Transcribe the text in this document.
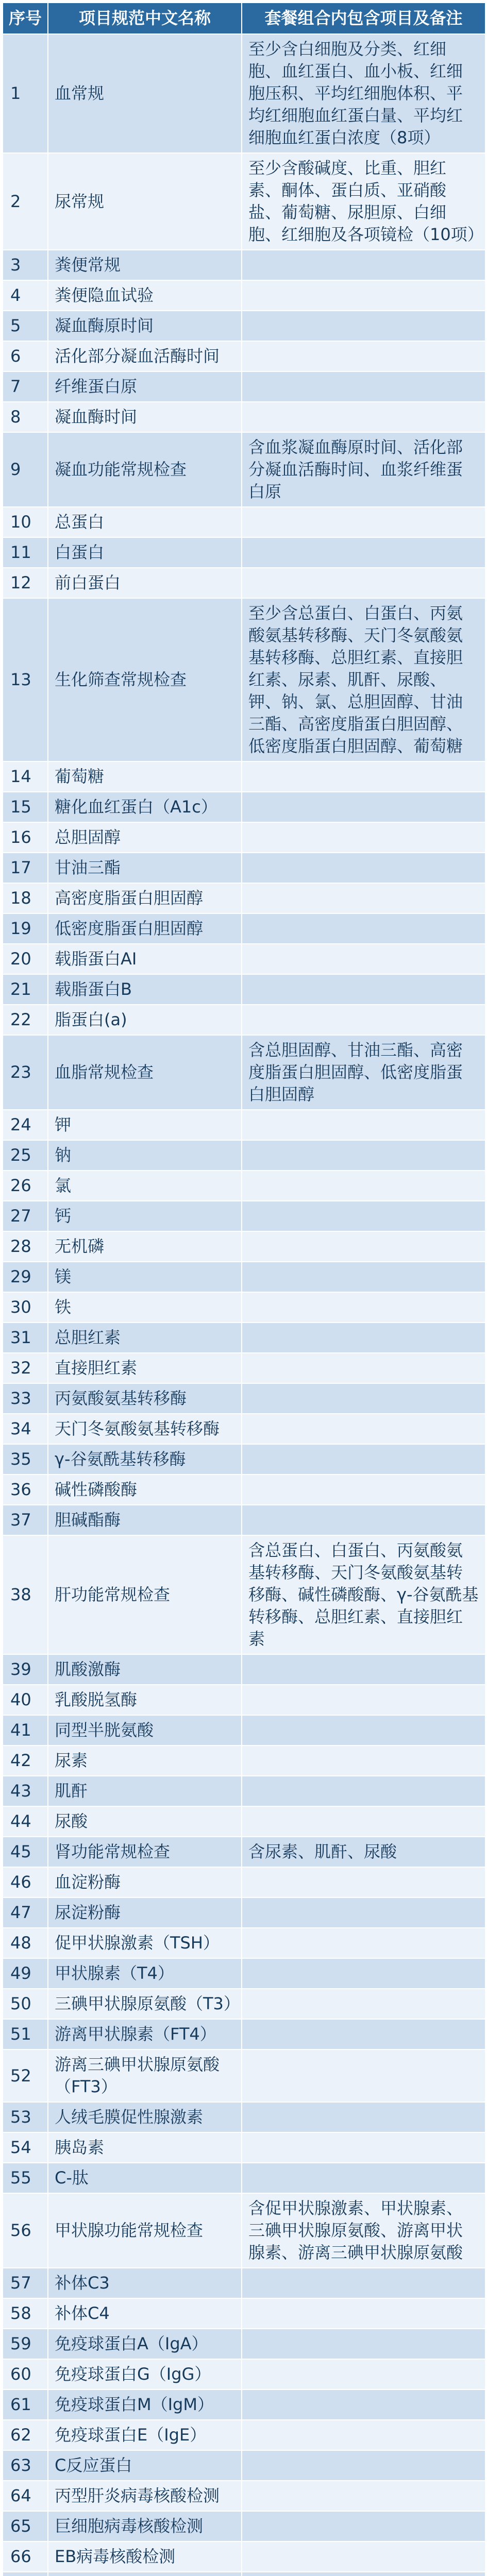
序号	项目规范中文名称	套餐组合内包含项目及备注
1	血常规	至少含白细胞及分类、红细胞、血红蛋白、血小板、红细胞压积、平均红细胞体积、平均红细胞血红蛋白量、平均红细胞血红蛋白浓度（8项）
2	尿常规	至少含酸碱度、比重、胆红素、酮体、蛋白质、亚硝酸盐、葡萄糖、尿胆原、白细胞、红细胞及各项镜检（10项）
3	粪便常规	
4	粪便隐血试验	
5	凝血酶原时间	
6	活化部分凝血活酶时间	
7	纤维蛋白原	
8	凝血酶时间	
9	凝血功能常规检查	含血浆凝血酶原时间、活化部分凝血活酶时间、血浆纤维蛋白原
10	总蛋白	
11	白蛋白	
12	前白蛋白	
13	生化筛查常规检查	至少含总蛋白、白蛋白、丙氨酸氨基转移酶、天门冬氨酸氨基转移酶、总胆红素、直接胆红素、尿素、肌酐、尿酸、钾、钠、氯、总胆固醇、甘油三酯、高密度脂蛋白胆固醇、低密度脂蛋白胆固醇、葡萄糖
14	葡萄糖	
15	糖化血红蛋白（A1c）	
16	总胆固醇	
17	甘油三酯	
18	高密度脂蛋白胆固醇	
19	低密度脂蛋白胆固醇	
20	载脂蛋白AI	
21	载脂蛋白B	
22	脂蛋白(a)	
23	血脂常规检查	含总胆固醇、甘油三酯、高密度脂蛋白胆固醇、低密度脂蛋白胆固醇
24	钾	
25	钠	
26	氯	
27	钙	
28	无机磷	
29	镁	
30	铁	
31	总胆红素	
32	直接胆红素	
33	丙氨酸氨基转移酶	
34	天门冬氨酸氨基转移酶	
35	γ-谷氨酰基转移酶	
36	碱性磷酸酶	
37	胆碱酯酶	
38	肝功能常规检查	含总蛋白、白蛋白、丙氨酸氨基转移酶、天门冬氨酸氨基转移酶、碱性磷酸酶、γ-谷氨酰基转移酶、总胆红素、直接胆红素
39	肌酸激酶	
40	乳酸脱氢酶	
41	同型半胱氨酸	
42	尿素	
43	肌酐	
44	尿酸	
45	肾功能常规检查	含尿素、肌酐、尿酸
46	血淀粉酶	
47	尿淀粉酶	
48	促甲状腺激素（TSH）	
49	甲状腺素（T4）	
50	三碘甲状腺原氨酸（T3）	
51	游离甲状腺素（FT4）	
52	游离三碘甲状腺原氨酸（FT3）	
53	人绒毛膜促性腺激素	
54	胰岛素	
55	C-肽	
56	甲状腺功能常规检查	含促甲状腺激素、甲状腺素、三碘甲状腺原氨酸、游离甲状腺素、游离三碘甲状腺原氨酸
57	补体C3	
58	补体C4	
59	免疫球蛋白A（IgA）	
60	免疫球蛋白G（IgG）	
61	免疫球蛋白M（IgM）	
62	免疫球蛋白E（IgE）	
63	C反应蛋白	
64	丙型肝炎病毒核酸检测	
65	巨细胞病毒核酸检测	
66	EB病毒核酸检测	
